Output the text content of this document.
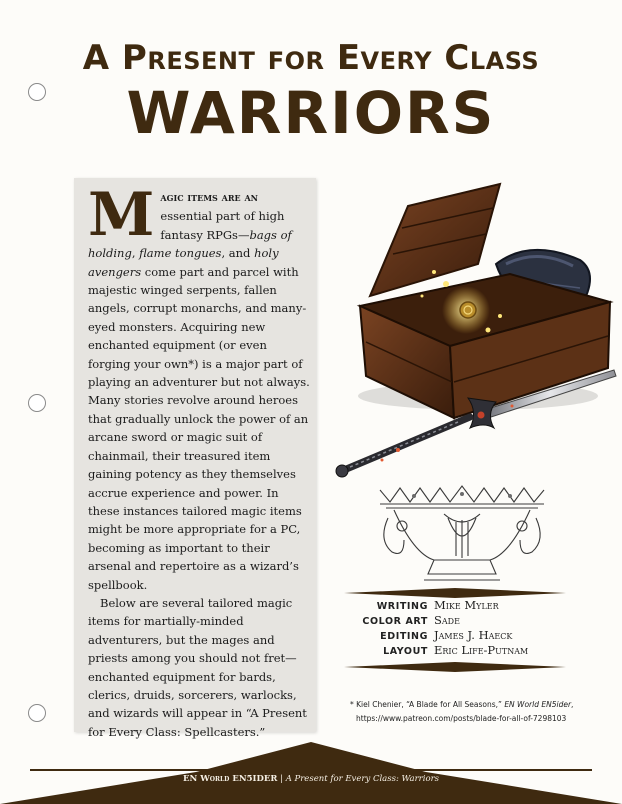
A Present for Every Class
WARRIORS

Magic items are an essential part of high fantasy RPGs—bags of holding, flame tongues, and holy avengers come part and parcel with majestic winged serpents, fallen angels, corrupt monarchs, and many-eyed monsters. Acquiring new enchanted equipment (or even forging your own*) is a major part of playing an adventurer but not always. Many stories revolve around heroes that gradually unlock the power of an arcane sword or magic suit of chainmail, their treasured item gaining potency as they themselves accrue experience and power. In these instances tailored magic items might be more appropriate for a PC, becoming as important to their arsenal and repertoire as a wizard’s spellbook.

Below are several tailored magic items for martially-minded adventurers, but the mages and priests among you should not fret—enchanted equipment for bards, clerics, druids, sorcerers, warlocks, and wizards will appear in “A Present for Every Class: Spellcasters.”

WRITING Mike Myler
COLOR ART Sade
EDITING James J. Haeck
LAYOUT Eric Life-Putnam
* Kiel Chenier, “A Blade for All Seasons,” EN World EN5ider,
https://www.patreon.com/posts/blade-for-all-of-7298103
EN World EN5IDER | A Present for Every Class: Warriors
